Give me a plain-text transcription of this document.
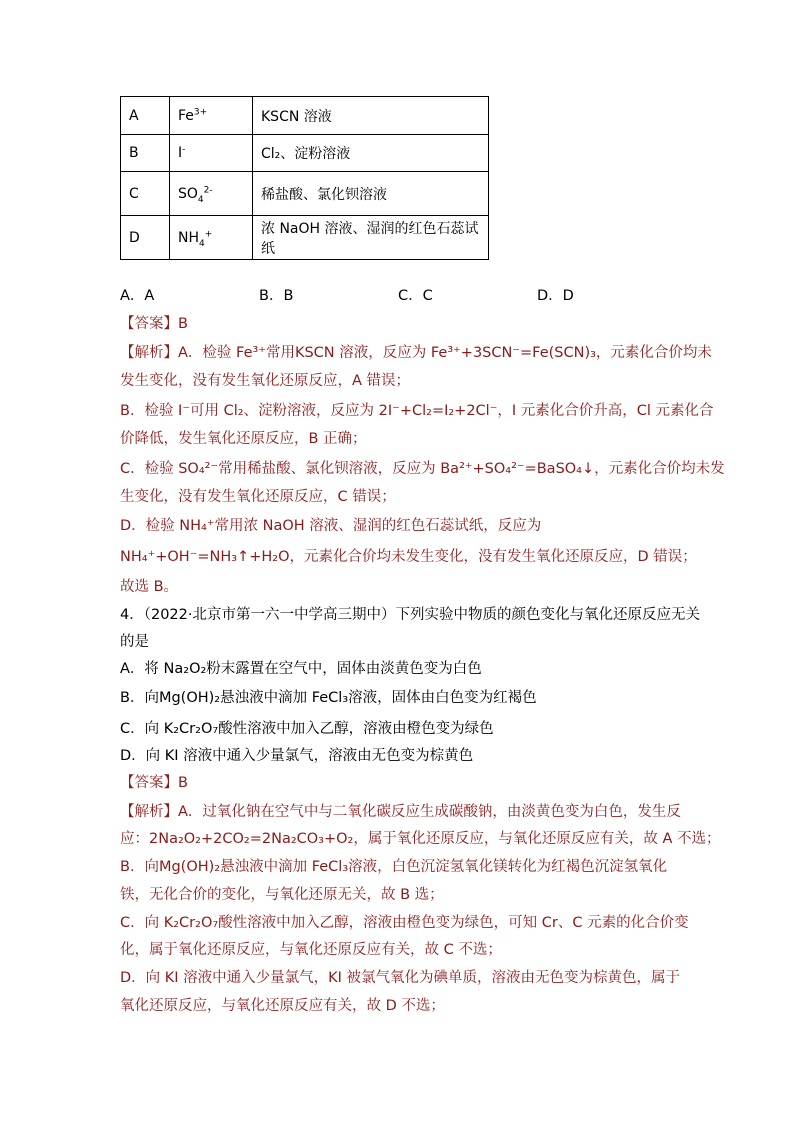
A	$Fe^{3+}$	KSCN 溶液
B	I-	Cl₂、淀粉溶液
C	$SO_4^{2-}$	稀盐酸、氯化钡溶液
D	$NH_4^+$	浓 NaOH 溶液、湿润的红色石蕊试纸
A．A	B．B	C．C	D．D
【答案】B
【解析】A．检验 Fe³⁺常用KSCN 溶液，反应为 Fe³⁺+3SCN⁻=Fe(SCN)₃，元素化合价均未
发生变化，没有发生氧化还原反应，A 错误；
B．检验 I⁻可用 Cl₂、淀粉溶液，反应为 2I⁻+Cl₂=I₂+2Cl⁻，I 元素化合价升高，Cl 元素化合
价降低，发生氧化还原反应，B 正确；
C．检验 SO₄²⁻常用稀盐酸、氯化钡溶液，反应为 Ba²⁺+SO₄²⁻=BaSO₄↓，元素化合价均未发
生变化，没有发生氧化还原反应，C 错误；
D．检验 NH₄⁺常用浓 NaOH 溶液、湿润的红色石蕊试纸，反应为
NH₄⁺+OH⁻=NH₃↑+H₂O，元素化合价均未发生变化，没有发生氧化还原反应，D 错误；
故选 B。
4．（2022·北京市第一六一中学高三期中）下列实验中物质的颜色变化与氧化还原反应无关
的是
A．将 Na₂O₂粉末露置在空气中，固体由淡黄色变为白色
B．向Mg(OH)₂悬浊液中滴加 FeCl₃溶液，固体由白色变为红褐色
C．向 K₂Cr₂O₇酸性溶液中加入乙醇，溶液由橙色变为绿色
D．向 KI 溶液中通入少量氯气，溶液由无色变为棕黄色
【答案】B
【解析】A．过氧化钠在空气中与二氧化碳反应生成碳酸钠，由淡黄色变为白色，发生反
应：2Na₂O₂+2CO₂=2Na₂CO₃+O₂，属于氧化还原反应，与氧化还原反应有关，故 A 不选；
B．向Mg(OH)₂悬浊液中滴加 FeCl₃溶液，白色沉淀氢氧化镁转化为红褐色沉淀氢氧化
铁，无化合价的变化，与氧化还原无关，故 B 选；
C．向 K₂Cr₂O₇酸性溶液中加入乙醇，溶液由橙色变为绿色，可知 Cr、C 元素的化合价变
化，属于氧化还原反应，与氧化还原反应有关，故 C 不选；
D．向 KI 溶液中通入少量氯气，KI 被氯气氧化为碘单质，溶液由无色变为棕黄色，属于
氧化还原反应，与氧化还原反应有关，故 D 不选；
